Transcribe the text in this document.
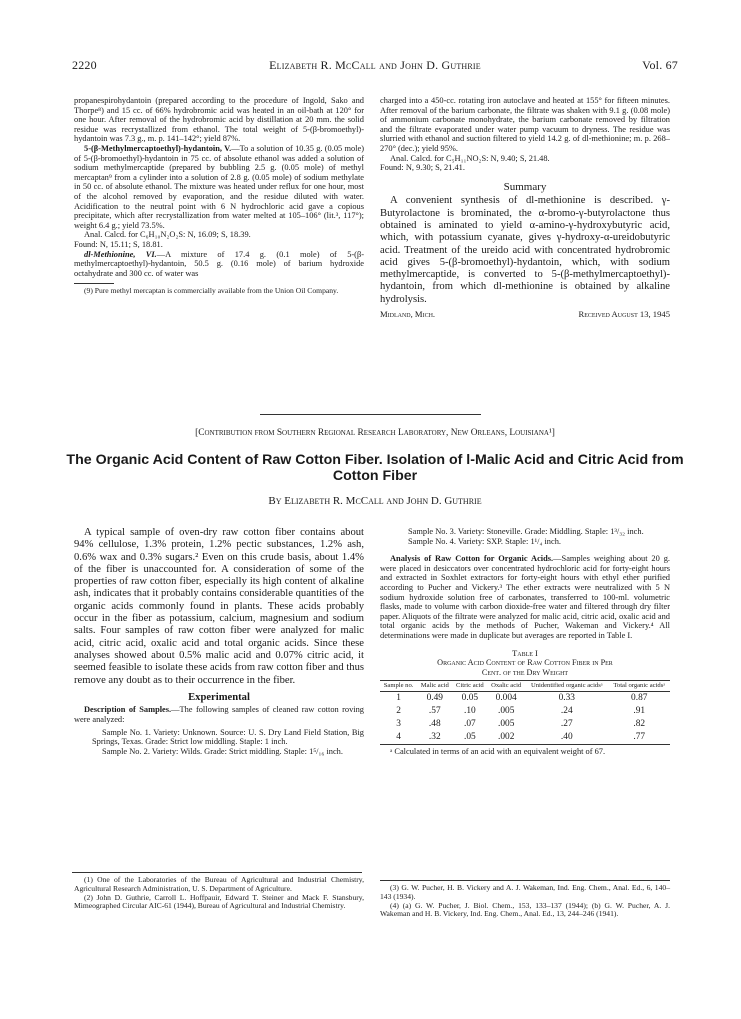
2220	Elizabeth R. McCall and John D. Guthrie	Vol. 67

propanespirohydantoin (prepared according to the procedure of Ingold, Sako and Thorpe⁸) and 15 cc. of 66% hydrobromic acid was heated in an oil-bath at 120° for one hour. After removal of the hydrobromic acid by distillation at 20 mm. the solid residue was recrystallized from ethanol. The total weight of 5-(β-bromoethyl)-hydantoin was 7.3 g., m. p. 141–142°; yield 87%.

5-(β-Methylmercaptoethyl)-hydantoin, V.—To a solution of 10.35 g. (0.05 mole) of 5-(β-bromoethyl)-hydantoin in 75 cc. of absolute ethanol was added a solution of sodium methylmercaptide (prepared by bubbling 2.5 g. (0.05 mole) of methyl mercaptan⁹ from a cylinder into a solution of 2.8 g. (0.05 mole) of sodium methylate in 50 cc. of absolute ethanol. The mixture was heated under reflux for one hour, most of the alcohol removed by evaporation, and the residue diluted with water. Acidification to the neutral point with 6 N hydrochloric acid gave a copious precipitate, which after recrystallization from water melted at 105–106° (lit.³, 117°); weight 6.4 g.; yield 73.5%.

Anal. Calcd. for C₆H₁₀N₂O₂S: N, 16.09; S, 18.39.

Found: N, 15.11; S, 18.81.

dl-Methionine, VI.—A mixture of 17.4 g. (0.1 mole) of 5-(β-methylmercaptoethyl)-hydantoin, 50.5 g. (0.16 mole) of barium hydroxide octahydrate and 300 cc. of water was

(9) Pure methyl mercaptan is commercially available from the Union Oil Company.

charged into a 450-cc. rotating iron autoclave and heated at 155° for fifteen minutes. After removal of the barium carbonate, the filtrate was shaken with 9.1 g. (0.08 mole) of ammonium carbonate monohydrate, the barium carbonate removed by filtration and the filtrate evaporated under water pump vacuum to dryness. The residue was slurried with ethanol and suction filtered to yield 14.2 g. of dl-methionine; m. p. 268–270° (dec.); yield 95%.

Anal. Calcd. for C₅H₁₁NO₂S: N, 9.40; S, 21.48.

Found: N, 9.30; S, 21.41.

Summary

A convenient synthesis of dl-methionine is described. γ-Butyrolactone is brominated, the α-bromo-γ-butyrolactone thus obtained is aminated to yield α-amino-γ-hydroxybutyric acid, which, with potassium cyanate, gives γ-hydroxy-α-ureidobutyric acid. Treatment of the ureido acid with concentrated hydrobromic acid gives 5-(β-bromoethyl)-hydantoin, which, with sodium methylmercaptide, is converted to 5-(β-methylmercaptoethyl)-hydantoin, from which dl-methionine is obtained by alkaline hydrolysis.

Midland, Mich.	Received August 13, 1945
[Contribution from Southern Regional Research Laboratory, New Orleans, Louisiana¹]
The Organic Acid Content of Raw Cotton Fiber. Isolation of l-Malic Acid and Citric Acid from Cotton Fiber
By Elizabeth R. McCall and John D. Guthrie

A typical sample of oven-dry raw cotton fiber contains about 94% cellulose, 1.3% protein, 1.2% pectic substances, 1.2% ash, 0.6% wax and 0.3% sugars.² Even on this crude basis, about 1.4% of the fiber is unaccounted for. A consideration of some of the properties of raw cotton fiber, especially its high content of alkaline ash, indicates that it probably contains considerable quantities of the organic acids commonly found in plants. These acids probably occur in the fiber as potassium, calcium, magnesium and sodium salts. Four samples of raw cotton fiber were analyzed for malic acid, citric acid, oxalic acid and total organic acids. Since these analyses showed about 0.5% malic acid and 0.07% citric acid, it seemed feasible to isolate these acids from raw cotton fiber and thus remove any doubt as to their occurrence in the fiber.

Experimental

Description of Samples.—The following samples of cleaned raw cotton roving were analyzed:

Sample No. 1. Variety: Unknown. Source: U. S. Dry Land Field Station, Big Springs, Texas. Grade: Strict low middling. Staple: 1 inch.

Sample No. 2. Variety: Wilds. Grade: Strict middling. Staple: 1⁵/₁₆ inch.

(1) One of the Laboratories of the Bureau of Agricultural and Industrial Chemistry, Agricultural Research Administration, U. S. Department of Agriculture.

(2) John D. Guthrie, Carroll L. Hoffpauir, Edward T. Steiner and Mack F. Stansbury, Mimeographed Circular AIC-61 (1944), Bureau of Agricultural and Industrial Chemistry.

Sample No. 3. Variety: Stoneville. Grade: Middling. Staple: 1³/₃₂ inch.

Sample No. 4. Variety: SXP. Staple: 1¹/₄ inch.

Analysis of Raw Cotton for Organic Acids.—Samples weighing about 20 g. were placed in desiccators over concentrated hydrochloric acid for forty-eight hours and extracted in Soxhlet extractors for forty-eight hours with ethyl ether purified according to Pucher and Vickery.³ The ether extracts were neutralized with 5 N sodium hydroxide solution free of carbonates, transferred to 100-ml. volumetric flasks, made to volume with carbon dioxide-free water and filtered through dry filter paper. Aliquots of the filtrate were analyzed for malic acid, citric acid, oxalic acid and total organic acids by the methods of Pucher, Wakeman and Vickery.⁴ All determinations were made in duplicate but averages are reported in Table I.

Table I
Organic Acid Content of Raw Cotton Fiber in Per
Cent. of the Dry Weight
Sample no.	Malic acid	Citric acid	Oxalic acid	Unidentified organic acidsᵃ	Total organic acidsᵃ
1	0.49	0.05	0.004	0.33	0.87
2	.57	.10	.005	.24	.91
3	.48	.07	.005	.27	.82
4	.32	.05	.002	.40	.77

ᵃ Calculated in terms of an acid with an equivalent weight of 67.

(3) G. W. Pucher, H. B. Vickery and A. J. Wakeman, Ind. Eng. Chem., Anal. Ed., 6, 140–143 (1934).

(4) (a) G. W. Pucher, J. Biol. Chem., 153, 133–137 (1944); (b) G. W. Pucher, A. J. Wakeman and H. B. Vickery, Ind. Eng. Chem., Anal. Ed., 13, 244–246 (1941).
